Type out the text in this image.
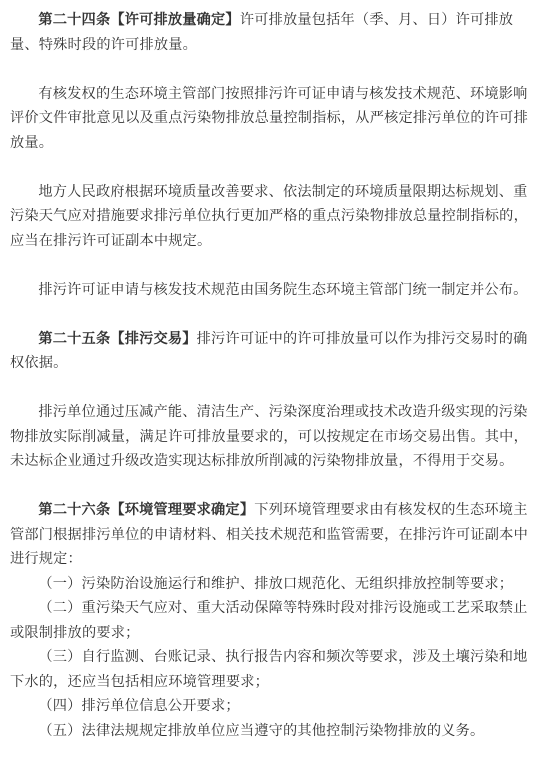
第二十四条【许可排放量确定】许可排放量包括年（季、月、日）许可排放量、特殊时段的许可排放量。

有核发权的生态环境主管部门按照排污许可证申请与核发技术规范、环境影响评价文件审批意见以及重点污染物排放总量控制指标，从严核定排污单位的许可排放量。

地方人民政府根据环境质量改善要求、依法制定的环境质量限期达标规划、重污染天气应对措施要求排污单位执行更加严格的重点污染物排放总量控制指标的，应当在排污许可证副本中规定。

排污许可证申请与核发技术规范由国务院生态环境主管部门统一制定并公布。

第二十五条【排污交易】排污许可证中的许可排放量可以作为排污交易时的确权依据。

排污单位通过压减产能、清洁生产、污染深度治理或技术改造升级实现的污染物排放实际削减量，满足许可排放量要求的，可以按规定在市场交易出售。其中，未达标企业通过升级改造实现达标排放所削减的污染物排放量，不得用于交易。

第二十六条【环境管理要求确定】下列环境管理要求由有核发权的生态环境主管部门根据排污单位的申请材料、相关技术规范和监管需要，在排污许可证副本中进行规定：

（一）污染防治设施运行和维护、排放口规范化、无组织排放控制等要求；

（二）重污染天气应对、重大活动保障等特殊时段对排污设施或工艺采取禁止或限制排放的要求；

（三）自行监测、台账记录、执行报告内容和频次等要求，涉及土壤污染和地下水的，还应当包括相应环境管理要求；

（四）排污单位信息公开要求；

（五）法律法规规定排放单位应当遵守的其他控制污染物排放的义务。
